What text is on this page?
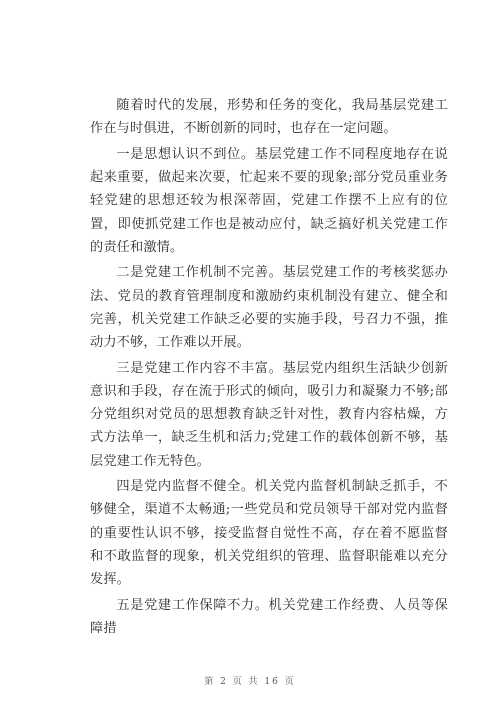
随着时代的发展，形势和任务的变化，我局基层党建工作在与时俱进，不断创新的同时，也存在一定问题。

一是思想认识不到位。基层党建工作不同程度地存在说起来重要，做起来次要，忙起来不要的现象;部分党员重业务轻党建的思想还较为根深蒂固，党建工作摆不上应有的位置，即使抓党建工作也是被动应付，缺乏搞好机关党建工作的责任和激情。

二是党建工作机制不完善。基层党建工作的考核奖惩办法、党员的教育管理制度和激励约束机制没有建立、健全和完善，机关党建工作缺乏必要的实施手段，号召力不强，推动力不够，工作难以开展。

三是党建工作内容不丰富。基层党内组织生活缺少创新意识和手段，存在流于形式的倾向，吸引力和凝聚力不够;部分党组织对党员的思想教育缺乏针对性，教育内容枯燥，方式方法单一，缺乏生机和活力;党建工作的载体创新不够，基层党建工作无特色。

四是党内监督不健全。机关党内监督机制缺乏抓手，不够健全，渠道不太畅通;一些党员和党员领导干部对党内监督的重要性认识不够，接受监督自觉性不高，存在着不愿监督和不敢监督的现象，机关党组织的管理、监督职能难以充分发挥。

五是党建工作保障不力。机关党建工作经费、人员等保障措

第 2 页 共 16 页
